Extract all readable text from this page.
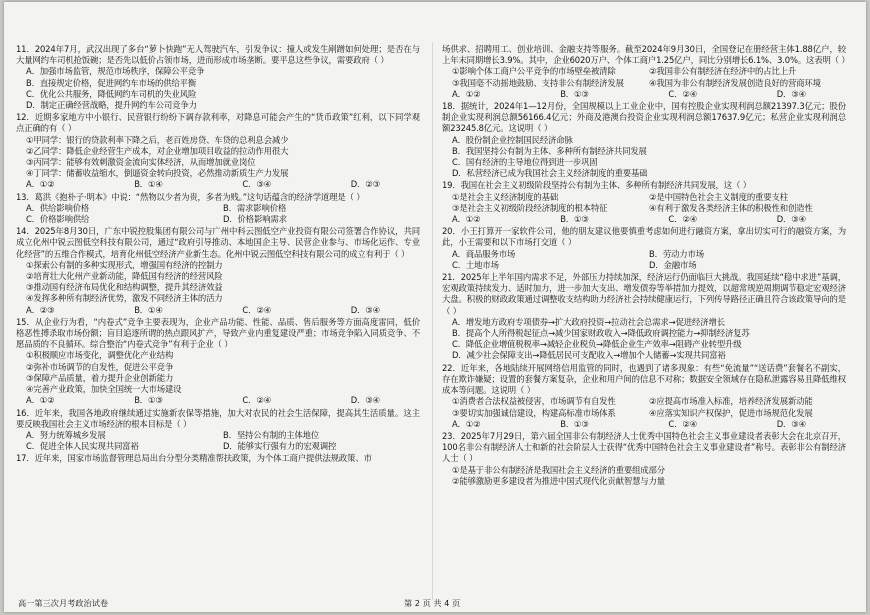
11．2024年7月，武汉出现了多台“萝卜快跑”无人驾驶汽车，引发争议：撞人或发生剐蹭如何处理；是否在与大量网约车司机抢饭碗；是否先以低价占领市场，进而形成市场垄断。要平息这些争议，需要政府（ ）
A．加强市场监管，规范市场秩序，保障公平竞争
B．直接规定价格，促进网约车市场的供给平衡
C．优化公共服务，降低网约车司机的失业风险
D．制定正确经营战略，提升网约车公司竞争力
12．近期多家地方中小银行、民营银行纷纷下调存款利率，对降息可能会产生的“货币政策”红利，以下同学观点正确的有（ ）
①甲同学：银行的贷款利率下降之后，老百姓房贷、车贷的总利息会减少
②乙同学：降低企业经营生产成本，对企业增加项目收益的拉动作用很大
③丙同学：能够有效刺激资金流向实体经济，从而增加就业岗位
④丁同学：储蓄收益缩水，倒逼资金转向投资，必然推动新质生产力发展
A．①②	B．①④	C．③④	D．②③
13．葛洪《抱朴子·明本》中说：“然物以少者为贵，多者为贱。”这句话蕴含的经济学道理是（ ）
A．供给影响价格	B．需求影响价格
C．价格影响供给	D．价格影响需求
14．2025年8月30日，广东中锐控股集团有限公司与广州中科云图低空产业投资有限公司签署合作协议，共同成立化州中锐云图低空科技有限公司，通过“政府引导推动、本地国企主导、民营企业参与、市场化运作、专业化经营”的五维合作模式，培育化州低空经济产业新生态。化州中锐云图低空科技有限公司的成立有利于（ ）
①探索公有制的多种实现形式，增强国有经济的控制力
②培育壮大化州产业新动能，降低国有经济的经营风险
③推动国有经济布局优化和结构调整，提升其经济效益
④发挥多种所有制经济优势，激发不同经济主体的活力
A．②③	B．①④	C．②④	D．③④
15．从企业行为看，“内卷式”竞争主要表现为，企业产品功能、性能、品质、售后服务等方面高度雷同，低价格恶性搏杀取市场份额；盲目追逐所谓的热点跟风扩产，导致产业内重复建设严重；市场竞争陷入同质竞争、不愿品质的不良循环。综合整治“内卷式竞争”有利于企业（ ）
①积极顺应市场变化，调整优化产业结构
②弥补市场调节的自发性，促进公平竞争
③保障产品质量，着力提升企业创新能力
④完善产业政策，加快全国统一大市场建设
A．①②	B．①③	C．②④	D．③④
16．近年来，我国各地政府继续通过实施新农保等措施，加大对农民的社会生活保障，提高其生活质量。这主要反映我国社会主义市场经济的根本目标是（ ）
A．努力统筹城乡发展	B．坚持公有制的主体地位
C．促进全体人民实现共同富裕	D．能够实行强有力的宏观调控
17．近年来，国家市场监督管理总局出台分型分类精准帮扶政策，为个体工商户提供法规政策、市
场供求、招聘用工、创业培训、金融支持等服务。截至2024年9月30日，全国登记在册经营主体1.88亿户，较上年末同期增长3.9%。其中，企业6020万户、个体工商户1.25亿户，同比分别增长6.1%、3.0%。这表明（ ）
①影响个体工商户公平竞争的市场壁垒被清除	②我国非公有制经济在经济中的占比上升
③我国毫不动摇地鼓励、支持非公有制经济发展	④我国为非公有制经济发展创造良好的营商环境
A．①②	B．①③	C．②④	D．③④
18．据统计，2024年1—12月份，全国规模以上工业企业中，国有控股企业实现利润总额21397.3亿元；股份制企业实现利润总额56166.4亿元；外商及港澳台投资企业实现利润总额17637.9亿元；私营企业实现利润总额23245.8亿元。这说明（ ）
A．股份制企业控制国民经济命脉
B．我国坚持公有制为主体、多种所有制经济共同发展
C．国有经济的主导地位得到进一步巩固
D．私营经济已成为我国社会主义经济制度的重要基础
19．我国在社会主义初级阶段坚持公有制为主体、多种所有制经济共同发展，这（ ）
①是社会主义经济制度的基础	②是中国特色社会主义制度的重要支柱
③是社会主义初级阶段经济制度的根本特征	④有利于激发各类经济主体的积极性和创造性
A．①②	B．①③	C．②④	D．③④
20．小王打算开一家软件公司，他的朋友建议他要慎重考虑如何进行融资方案，拿出切实可行的融资方案，为此，小王需要和以下市场打交道（ ）
A．商品服务市场	B．劳动力市场
C．土地市场	D．金融市场
21．2025年上半年国内需求不足，外部压力持续加深，经济运行仍面临巨大挑战。我国延续“稳中求进”基调，宏观政策持续发力、适时加力，进一步加大支出、增发债券等举措加力提效，以超常规逆周期调节稳定宏观经济大盘。积极的财政政策通过调整收支结构助力经济社会持续健康运行，下列传导路径正确且符合该政策导向的是（ ）
A．增发地方政府专项债券→扩大政府投资→拉动社会总需求→促进经济增长
B．提高个人所得税起征点→减少国家财政收入→降低政府调控能力→抑制经济复苏
C．降低企业增值税税率→减轻企业税负→降低企业生产效率→阻碍产业转型升级
D．减少社会保障支出→降低居民可支配收入→增加个人储蓄→实现共同富裕
22．近年来，各地陆续开展网络信用监管的同时，也遇到了诸多现象：有些“免流量”“送话费”套餐名不副实，存在欺诈嫌疑；设置的套餐方案复杂，企业和用户间的信息不对称；数据安全领域存在隐私泄露容易且降低维权成本等问题。这说明（ ）
①消费者合法权益被侵害，市场调节有自发性	②应提高市场准入标准，培养经济发展新动能
③要切实加强诚信建设，构建高标准市场体系	④应落实知识产权保护，促进市场规范化发展
A．①②	B．①③	C．②④	D．③④
23．2025年7月29日，第六届全国非公有制经济人士优秀中国特色社会主义事业建设者表彰大会在北京召开，100名非公有制经济人士和新的社会阶层人士获得“优秀中国特色社会主义事业建设者”称号。表彰非公有制经济人士（ ）
①是基于非公有制经济是我国社会主义经济的重要组成部分
②能够激励更多建设者为推进中国式现代化贡献智慧与力量
高一第三次月考政治试卷	第 2 页 共 4 页
